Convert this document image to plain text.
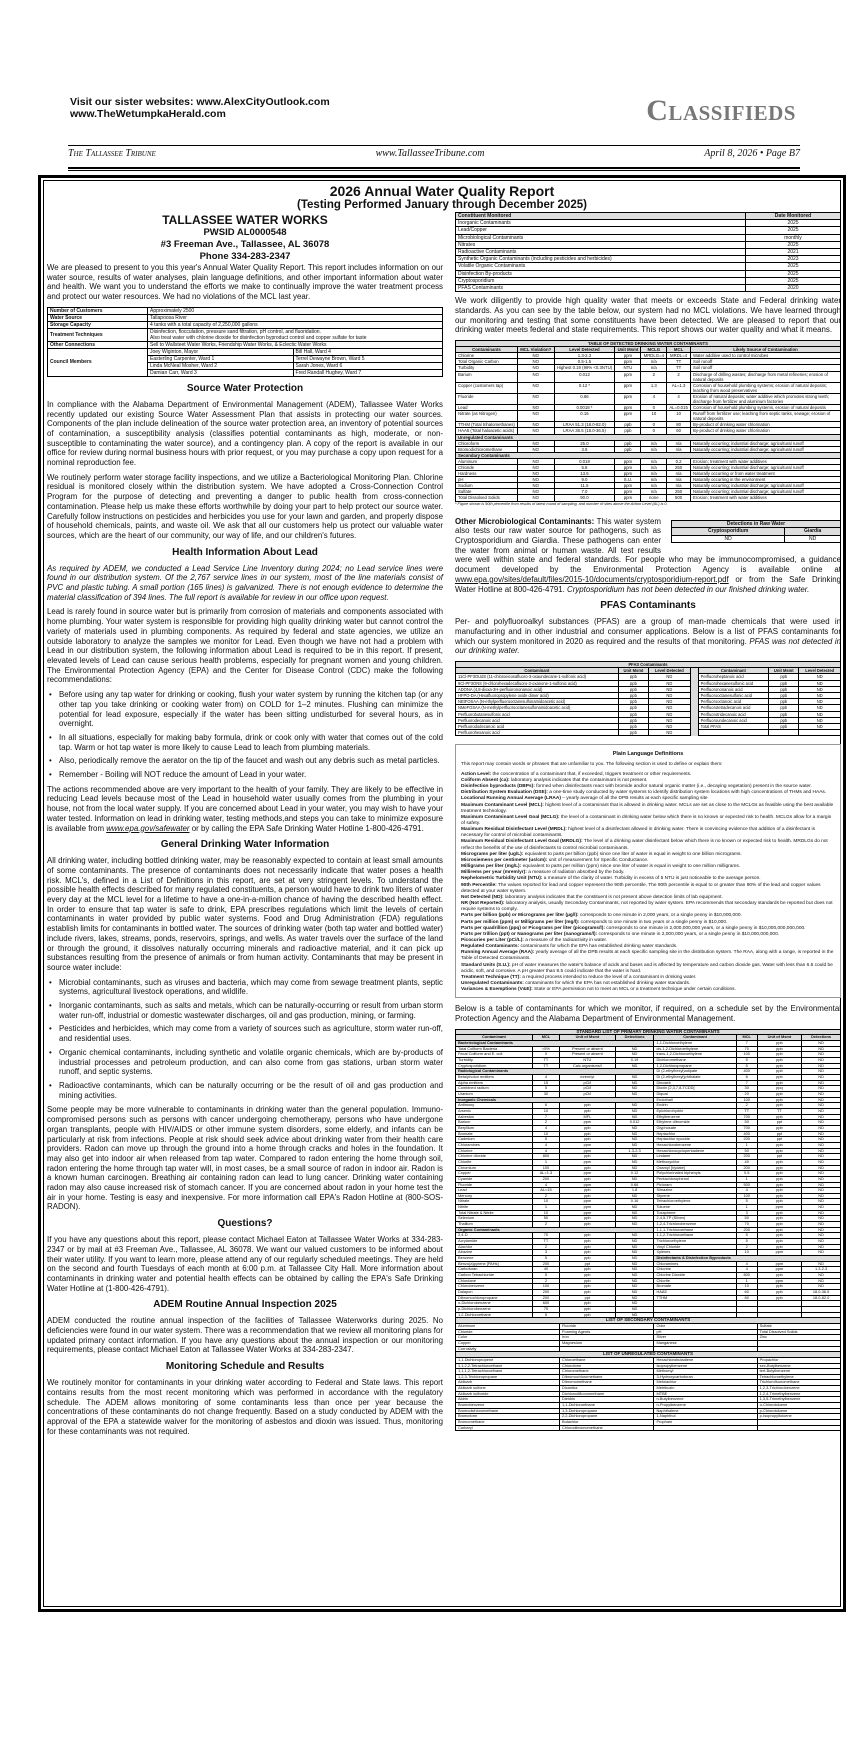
Visit our sister websites: www.AlexCityOutlook.com
www.TheWetumpkaHerald.com	Classifieds
The Tallassee Tribune	www.TallasseeTribune.com	April 8, 2026 • Page B7
2026 Annual Water Quality Report
(Testing Performed January through December 2025)
TALLASSEE WATER WORKS
PWSID AL0000548
#3 Freeman Ave., Tallassee, AL 36078
Phone 334-283-2347

We are pleased to present to you this year's Annual Water Quality Report. This report includes information on our water source, results of water analyses, plain language definitions, and other important information about water and health. We want you to understand the efforts we make to continually improve the water treatment process and protect our water resources. We had no violations of the MCL last year.

Number of Customers	Approximately 2500	
Water Source	Tallapoosa River	
Storage Capacity	4 tanks with a total capacity of 2,250,000 gallons	
Treatment Techniques	Disinfection, flocculation, pressure sand filtration, pH control, and fluoridation.
Also treat water with chlorine dioxide for disinfection byproduct control and copper sulfate for taste	

Other Connections	Sell to Wallsteet Water Works, Friendship Water Works, & Eclectic Water Works	
Council Members	Joey Wiginton, Mayor	Bill Hall, Ward 4
	Easterling Carpenter, Ward 1	Terrel Dewayne Brown, Ward 5
	Linda McNeal Mosher, Ward 2	Sarah Jones, Ward 6
	Damian Carr, Ward 3	Fred Randall Hughey, Ward 7
Source Water Protection

In compliance with the Alabama Department of Environmental Management (ADEM), Tallassee Water Works recently updated our existing Source Water Assessment Plan that assists in protecting our water sources. Components of the plan include delineation of the source water protection area, an inventory of potential sources of contamination, a susceptibility analysis (classifies potential contaminants as high, moderate, or non-susceptible to contaminating the water source), and a contingency plan. A copy of the report is available in our office for review during normal business hours with prior request, or you may purchase a copy upon request for a nominal reproduction fee.

We routinely perform water storage facility inspections, and we utilize a Bacteriological Monitoring Plan. Chlorine residual is monitored closely within the distribution system. We have adopted a Cross-Connection Control Program for the purpose of detecting and preventing a danger to public health from cross-connection contamination. Please help us make these efforts worthwhile by doing your part to help protect our source water. Carefully follow instructions on pesticides and herbicides you use for your lawn and garden, and properly dispose of household chemicals, paints, and waste oil. We ask that all our customers help us protect our valuable water sources, which are the heart of our community, our way of life, and our children's futures.

Health Information About Lead

As required by ADEM, we conducted a Lead Service Line Inventory during 2024; no Lead service lines were found in our distribution system. Of the 2,767 service lines in our system, most of the line materials consist of PVC and plastic tubing. A small portion (165 lines) is galvanized. There is not enough evidence to determine the material classification of 394 lines. The full report is available for review in our office upon request.

Lead is rarely found in source water but is primarily from corrosion of materials and components associated with home plumbing. Your water system is responsible for providing high quality drinking water but cannot control the variety of materials used in plumbing components. As required by federal and state agencies, we utilize an outside laboratory to analyze the samples we monitor for Lead. Even though we have not had a problem with Lead in our distribution system, the following information about Lead is required to be in this report. If present, elevated levels of Lead can cause serious health problems, especially for pregnant women and young children. The Environmental Protection Agency (EPA) and the Center for Disease Control (CDC) make the following recommendations:

• Before using any tap water for drinking or cooking, flush your water system by running the kitchen tap (or any other tap you take drinking or cooking water from) on COLD for 1–2 minutes. Flushing can minimize the potential for lead exposure, especially if the water has been sitting undisturbed for several hours, as in overnight.
• In all situations, especially for making baby formula, drink or cook only with water that comes out of the cold tap. Warm or hot tap water is more likely to cause Lead to leach from plumbing materials.
• Also, periodically remove the aerator on the tip of the faucet and wash out any debris such as metal particles.
• Remember - Boiling will NOT reduce the amount of Lead in your water.

The actions recommended above are very important to the health of your family. They are likely to be effective in reducing Lead levels because most of the Lead in household water usually comes from the plumbing in your house, not from the local water supply. If you are concerned about Lead in your water, you may wish to have your water tested. Information on lead in drinking water, testing methods,and steps you can take to minimize exposure is available from www.epa.gov/safewater or by calling the EPA Safe Drinking Water Hotline 1-800-426-4791.

General Drinking Water Information

All drinking water, including bottled drinking water, may be reasonably expected to contain at least small amounts of some contaminants. The presence of contaminants does not necessarily indicate that water poses a health risk. MCL's, defined in a List of Definitions in this report, are set at very stringent levels. To understand the possible health effects described for many regulated constituents, a person would have to drink two liters of water every day at the MCL level for a lifetime to have a one-in-a-million chance of having the described health effect. In order to ensure that tap water is safe to drink, EPA prescribes regulations which limit the levels of certain contaminants in water provided by public water systems. Food and Drug Administration (FDA) regulations establish limits for contaminants in bottled water. The sources of drinking water (both tap water and bottled water) include rivers, lakes, streams, ponds, reservoirs, springs, and wells. As water travels over the surface of the land or through the ground, it dissolves naturally occurring minerals and radioactive material, and it can pick up substances resulting from the presence of animals or from human activity. Contaminants that may be present in source water include:

• Microbial contaminants, such as viruses and bacteria, which may come from sewage treatment plants, septic systems, agricultural livestock operations, and wildlife.
• Inorganic contaminants, such as salts and metals, which can be naturally-occurring or result from urban storm water run-off, industrial or domestic wastewater discharges, oil and gas production, mining, or farming.
• Pesticides and herbicides, which may come from a variety of sources such as agriculture, storm water run-off, and residential uses.
• Organic chemical contaminants, including synthetic and volatile organic chemicals, which are by-products of industrial processes and petroleum production, and can also come from gas stations, urban storm water runoff, and septic systems.
• Radioactive contaminants, which can be naturally occurring or be the result of oil and gas production and mining activities.

Some people may be more vulnerable to contaminants in drinking water than the general population. Immuno-compromised persons such as persons with cancer undergoing chemotherapy, persons who have undergone organ transplants, people with HIV/AIDS or other immune system disorders, some elderly, and infants can be particularly at risk from infections. People at risk should seek advice about drinking water from their health care providers. Radon can move up through the ground into a home through cracks and holes in the foundation. It may also get into indoor air when released from tap water. Compared to radon entering the home through soil, radon entering the home through tap water will, in most cases, be a small source of radon in indoor air. Radon is a known human carcinogen. Breathing air containing radon can lead to lung cancer. Drinking water containing radon may also cause increased risk of stomach cancer. If you are concerned about radon in your home test the air in your home. Testing is easy and inexpensive. For more information call EPA's Radon Hotline at (800-SOS-RADON).

Questions?

If you have any questions about this report, please contact Michael Eaton at Tallassee Water Works at 334-283-2347 or by mail at #3 Freeman Ave., Tallassee, AL 36078. We want our valued customers to be informed about their water utility. If you want to learn more, please attend any of our regularly scheduled meetings. They are held on the second and fourth Tuesdays of each month at 6:00 p.m. at Tallassee City Hall. More information about contaminants in drinking water and potential health effects can be obtained by calling the EPA's Safe Drinking Water Hotline at (1-800-426-4791).

ADEM Routine Annual Inspection 2025

ADEM conducted the routine annual inspection of the facilities of Tallassee Waterworks during 2025. No deficiencies were found in our water system. There was a recommendation that we review all monitoring plans for updated primary contact information. If you have any questions about the annual inspection or our monitoring requirements, please contact Michael Eaton at Tallassee Water Works at 334-283-2347.

Monitoring Schedule and Results

We routinely monitor for contaminants in your drinking water according to Federal and State laws. This report contains results from the most recent monitoring which was performed in accordance with the regulatory schedule. The ADEM allows monitoring of some contaminants less than once per year because the concentrations of these contaminants do not change frequently. Based on a study conducted by ADEM with the approval of the EPA a statewide waiver for the monitoring of asbestos and dioxin was issued. Thus, monitoring for these contaminants was not required.

Constituent Monitored	Date Monitored
Inorganic Contaminants	2025
Lead/Copper	2025
Microbiological Contaminants	monthly
Nitrates	2025
Radioactive Contaminants	2021
Synthetic Organic Contaminants (including pesticides and herbicides)	2023
Volatile Organic Contaminants	2025
Disinfection By-products	2025
Cryptosporidium	2025
PFAS Contaminants	2020

We work diligently to provide high quality water that meets or exceeds State and Federal drinking water standards. As you can see by the table below, our system had no MCL violations. We have learned through our monitoring and testing that some constituents have been detected. We are pleased to report that our drinking water meets federal and state requirements. This report shows our water quality and what it means.

TABLE OF DETECTED DRINKING WATER CONTAMINANTS						
Contaminants	MCL Violation?	Level Detected	Unit Msmt	MCLG	MCL	Likely Source of Contamination
Chlorine	NO	1.3-2.3	ppm	MRDLG=4	MRDL=4	Water additive used to control microbes
Total Organic Carbon	NO	0.5-1.5	ppm	n/a	TT	Soil runoff
Turbidity	NO	Highest 0.19 (99% <0.3NTU)	NTU	n/a	TT	Soil runoff
Barium	NO	0.012	ppm	2	2	Discharge of drilling wastes; discharge from metal refineries; erosion of natural deposits
Copper (customers tap)	NO	0.12 *	ppm	1.3	AL=1.3	Corrosion of household plumbing systems; erosion of natural deposits; leaching from wood preservatives
Fluoride	NO	0.66	ppm	4	4	Erosion of natural deposits; water additive which promotes strong teeth; discharge from fertilizer and aluminum factories
Lead	NO	0.0018 *	ppm	0	AL=0.015	Corrosion of household plumbing systems, erosion of natural deposits
Nitrate (as Nitrogen)	NO	0.16	ppm	10	10	Runoff from fertilizer use; leaching from septic tanks, sewage; erosion of natural deposits
TTHM (Total trihalomethanes)	NO	LRAA 51.3 (18.0-82.0)	ppb	0	80	By-product of drinking water chlorination
HAA5 (Total haloacetic acids)	NO	LRAA 36.5 (18.0-36.5)	ppb	0	60	By-product of drinking water chlorination
Unregulated Contaminants						
Chloroform	NO	25.0	ppb	n/a	n/a	Naturally occurring; industrial discharge; agricultural runoff
Bromodichloromethane	NO	3.9	ppb	n/a	n/a	Naturally occurring; industrial discharge; agricultural runoff
Secondary Contaminants						
Aluminum	NO	0.018	ppm	n/a	0.2	Erosion; treatment with water additives
Chloride	NO	5.8	ppm	n/a	250	Naturally occurring; industrial discharge; agricultural runoff
Hardness	NO	13.5	ppm	n/a	n/a	Naturally occurring or from water treatment
pH	NO	9.0	S.U.	n/a	n/a	Naturally occurring in the environment
Sodium	NO	11.5	ppm	n/a	n/a	Naturally occurring; industrial discharge; agricultural runoff
Sulfate	NO	7.0	ppm	n/a	250	Naturally occurring; industrial discharge; agricultural runoff
Total Dissolved Solids	NO	90.0	ppm	none	500	Erosion; treatment with water additives
* Figure shown is 90th percentile from results of latest round of sampling, and number of sites above the Action Level (AL) is 0.
Detections in Raw Water	
Cryptosporidium	Giardia
ND	ND

Other Microbiological Contaminants: This water system also tests our raw water source for pathogens, such as Cryptosporidium and Giardia. These pathogens can enter the water from animal or human waste. All test results were well within state and federal standards. For people who may be immunocompromised, a guidance document developed by the Environmental Protection Agency is available online at www.epa.gov/sites/default/files/2015-10/documents/cryptosporidium-report.pdf or from the Safe Drinking Water Hotline at 800-426-4791. Cryptosporidium has not been detected in our finished drinking water.

PFAS Contaminants

Per- and polyfluoroalkyl substances (PFAS) are a group of man-made chemicals that were used in manufacturing and in other industrial and consumer applications. Below is a list of PFAS contaminants for which our system monitored in 2020 as required and the results of that monitoring. PFAS was not detected in our drinking water.

PFAS Contaminants						
Contaminant	Unit Msmt	Level Detected		Contaminant	Unit Msmt	Level Detected
11Cl-PF3OUdS (11-chloroeicosafluoro-3-oxaundecane-1-sulfonic acid)	ppb	ND		Perfluoroheptanoic acid	ppb	ND
9Cl-PF3ONS (9-chlorohexadecafluoro-3-oxanone-1-sulfonic acid)	ppb	ND		Perfluorohexanesulfonic acid	ppb	ND
ADONA (4,8-dioxa-3H-perfluorononanoic acid)	ppb	ND		Perfluorononanoic acid	ppb	ND
HFPO-DA (Hexafluoropropylene oxide dimer acid)	ppb	ND		Perfluorooctanesulfonic acid	ppb	ND
NEtFOSAA (N-ethylperfluorooctanesulfonamidoacetic acid)	ppb	ND		Perfluorooctanoic acid	ppb	ND
NMeFOSAA (N-methylperfluorooctanesulfonamidoacetic acid)	ppb	ND		Perfluorotetradecanoic acid	ppb	ND
Perfluorobutanesulfonic acid	ppb	ND		Perfluorotridecanoic acid	ppb	ND
Perfluorodecanoic acid	ppb	ND		Perfluoroundecanoic acid	ppb	ND
Perfluorododecanoic acid	ppb	ND		Total PFAS	ppb	ND
Perfluorohexanoic acid	ppb	ND				
Plain Language Definitions
This report may contain words or phrases that are unfamiliar to you. The following section is used to define or explain them:
Action Level: the concentration of a contaminant that, if exceeded, triggers treatment or other requirements.
Coliform Absent (ca): laboratory analysis indicates that the contaminant is not present.
Disinfection byproducts (DBPs): formed when disinfectants react with bromide and/or natural organic matter (i.e., decaying vegetation) present in the source water.
Distribution System Evaluation (DSE): a one-time study conducted by water systems to identify distribution system locations with high concentrations of THMs and HAAs.
Locational Running Annual Average (LRAA) – yearly average of all the DPB results at each specific sampling site
Maximum Contaminant Level (MCL): highest level of a contaminant that is allowed in drinking water. MCLs are set as close to the MCLGs as feasible using the best available treatment technology.
Maximum Contaminant Level Goal (MCLG): the level of a contaminant in drinking water below which there is no known or expected risk to health. MCLGs allow for a margin of safety.
Maximum Residual Disinfectant Level (MRDL): highest level of a disinfectant allowed in drinking water. There is convincing evidence that addition of a disinfectant is necessary for control of microbial contaminants.
Maximum Residual Disinfectant Level Goal (MRDLG): The level of a drinking water disinfectant below which there is no known or expected risk to health. MRDLGs do not reflect the benefits of the use of disinfectants to control microbial contaminants.
Micrograms per liter (ug/L): equivalent to parts per billion (ppb) since one liter of water is equal in weight to one billion micrograms.
Microsiemens per centimeter (us/cm): unit of measurement for Specific Conductance.
Milligrams per liter (mg/L): equivalent to parts per million (ppm) since one liter of water is equal in weight to one million milligrams.
Millirems per year (mrem/yr): a measure of radiation absorbed by the body.
Nephelometric Turbidity Unit (NTU): a measure of the clarity of water. Turbidity in excess of 5 NTU is just noticeable to the average person.
90th Percentile: The values reported for lead and copper represent the 90th percentile. The 90th percentile is equal to or greater than 90% of the lead and copper values detected at your water system.
Not Detected (ND): laboratory analysis indicates that the constituent is not present above detection limits of lab equipment.
NR (Not Reported): laboratory analysis, usually Secondary Contaminants, not reported by water system. EPA recommends that secondary standards be reported but does not require systems to comply.
Parts per billion (ppb) or Micrograms per liter (µg/l): corresponds to one minute in 2,000 years, or a single penny in $10,000,000.
Parts per million (ppm) or Milligrams per liter (mg/l): corresponds to one minute in two years or a single penny in $10,000.
Parts per quadrillion (ppq) or Picograms per liter (picograms/l): corresponds to one minute in 2,000,000,000 years, or a single penny in $10,000,000,000,000.
Parts per trillion (ppt) or Nanograms per liter (nanograms/l): corresponds to one minute in 2,000,000 years, or a single penny in $10,000,000,000.
Picocuries per Liter (pCi/L): a measure of the radioactivity in water.
Regulated Contaminants: contaminants for which the EPA has established drinking water standards.
Running Annual Average (RAA): yearly average of all the DPB results at each specific sampling site in the distribution system. The RAA, along with a range, is reported in the Table of Detected Contaminants.
Standard Units (S.U.): pH of water measures the water's balance of acids and bases and is affected by temperature and carbon dioxide gas. Water with less than 6.5 could be acidic, soft, and corrosive. A pH greater than 8.5 could indicate that the water is hard.
Treatment Technique (TT): a required process intended to reduce the level of a contaminant in drinking water.
Unregulated Contaminants: contaminants for which the EPA has not established drinking water standards.
Variances & Exemptions (V&E): State or EPA permission not to meet an MCL or a treatment technique under certain conditions.

Below is a table of contaminants for which we monitor, if required, on a schedule set by the Environmental Protection Agency and the Alabama Department of Environmental Management.

STANDARD LIST OF PRIMARY DRINKING WATER CONTAMINANTS							
Contaminant	MCL	Unit of Msmt	Detections	Contaminant	MCL	Unit of Msmt	Detections
Bacteriological Contaminants				1,1-Dichloroethylene	7	ppb	ND
Total Coliform Bacteria	<5%	Present or absent	ND	cis-1,2-Dichloroethylene	70	ppb	ND
Fecal Coliform and E. coli	0	Present or absent	ND	trans-1,2-Dichloroethylene	100	ppb	ND
Turbidity	TT	NTU	0.19	Dichloromethane	5	ppb	ND
Cryptosporidium	TT	Calc.organisms/l	ND	1,2-Dichloropropane	5	ppb	ND
Radiological Contaminants				Di (2-ethylhexyl)adipate	400	ppb	ND
Beta/photon emitters	4	mrem/yr	ND	Di (2-ethylhexyl)phthalate	6	ppb	ND
Alpha emitters	15	pCi/l	ND	Dinoseb	7	ppb	ND
Combined radium	5	pCi/l	ND	Dioxin [2,3,7,8-TCDD]	30	ppq	ND
Uranium	30	pCi/l	ND	Diquat	20	ppb	ND
Inorganic Chemicals				Endothall	100	ppb	ND
Antimony	6	ppb	ND	Endrin	2	ppb	ND
Arsenic	10	ppb	ND	Epichlorohydrin	TT	TT	ND
Asbestos	7	MFL	ND	Ethylbenzene	700	ppb	ND
Barium	2	ppm	0.012	Ethylene dibromide	50	ppt	ND
Beryllium	4	ppb	ND	Glyphosate	700	ppb	ND
Bromate	10	ppb	ND	Heptachlor	400	ppt	ND
Cadmium	5	ppb	ND	Heptachlor epoxide	200	ppt	ND
Chloramines	4	ppm	ND	Hexachlorobenzene	1	ppb	ND
Chlorine	4	ppm	1.3-2.3	Hexachlorocyclopentadiene	50	ppb	ND
Chlorine dioxide	800	ppb	ND	Lindane	200	ppt	ND
Chlorite	1	ppm	ND	Methoxychlor	40	ppb	ND
Chromium	100	ppb	ND	Oxamyl [Vydate]	200	ppb	ND
Copper	AL=1.3	ppm	0.12	Polychlorinated biphenyls	0.5	ppb	ND
Cyanide	200	ppb	ND	Pentachlorophenol	1	ppb	ND
Fluoride	4	ppm	0.66	Picloram	500	ppb	ND
Lead	AL=15	ppb	1.8	Simazine	4	ppb	ND
Mercury	2	ppb	ND	Styrene	100	ppb	ND
Nitrate	10	ppm	0.16	Tetrachloroethylene	5	ppb	ND
Nitrite	1	ppm	ND	Toluene	1	ppm	ND
Total Nitrate & Nitrite	10	ppm	ND	Toxaphene	3	ppb	ND
Selenium	50	ppb	ND	2,4,5-TP (Silvex)	50	ppb	ND
Thallium	2	ppb	ND	1,2,4-Trichlorobenzene	70	ppb	ND
Organic Contaminants				1,1,1-Trichloroethane	200	ppb	ND
2,4-D	70	ppb	ND	1,1,2-Trichloroethane	5	ppb	ND
Acrylamide	TT	ppb	ND	Trichloroethylene	5	ppb	ND
Alachlor	2	ppb	ND	Vinyl Chloride	2	ppb	ND
Atrazine	3	ppb	ND	Xylenes	10	ppm	ND
Benzene	5	ppb	ND	Disinfectants & Disinfection Byproducts			
Benzo(a)pyrene [PAHs]	200	ppt	ND	Chloramines	4	ppm	ND
Carbofuran	40	ppb	ND	Chlorine	4	ppm	1.3-2.3
Carbon Tetrachloride	5	ppb	ND	Chlorine Dioxide	800	ppb	ND
Chlordane	2	ppb	ND	Chlorite	1	ppm	ND
Chlorobenzene	100	ppb	ND	Bromate	10	ppb	ND
Dalapon	200	ppb	ND	HAA5	60	ppb	18.0-36.5
Dibromochloropropane	200	ppt	ND	TTHM	80	ppb	18.0-82.0
o-Dichlorobenzene	600	ppb	ND				
p-Dichlorobenzene	75	ppb	ND				
1,2-Dichloroethane	5	ppb	ND				
LIST OF SECONDARY CONTAMINANTS							
Aluminum		Fluoride		Odor		Sulfate	
Chloride		Foaming Agents		pH		Total Dissolved Solids	
Color		Iron		Silver		Zinc	
Copper		Magnesium		Manganese			
Corrosivity							
LIST OF UNREGULATED CONTAMINANTS							
1,1-Dichloropropene		Chloroethane		Hexachlorobutadiene		Propachlor	
1,1,2,2-Tetrachloroethane		Chloroform		Isopropylbenzene		sec-Butylbenzene	
1,1,1,2-Tetrachloroethane		Chloromethane		Methomyl		tert-Butylbenzene	
1,2,3-Trichloropropane		Dibromochloromethane		3-Hydroxycarbofuran		Tetrachloroethylene	
Aldicarb		Dibromomethane		Metolachlor		Trichlorofluoromethane	
Aldicarb sulfone		Dicamba		Metribuzin		1,2,3-Trichlorobenzene	
Aldicarb sulfoxide		Dichlorodifluoromethane		MTBE		1,2,4-Trimethylbenzene	
Aldrin		Dieldrin		n-Butylbenzene		1,3,5-Trimethylbenzene	
Bromobenzene		1,1-Dichloroethane		n-Propylbenzene		o-Chlorotoluene	
Bromodichloromethane		1,3-Dichloropropane		Naphthalene		p-Chlorotoluene	
Bromoform		2,2-Dichloropropane		1-Naphthol		p-Isopropyltoluene	
Bromomethane		Butachlor		Propham			
Carbaryl		Chlorodibromomethane					
